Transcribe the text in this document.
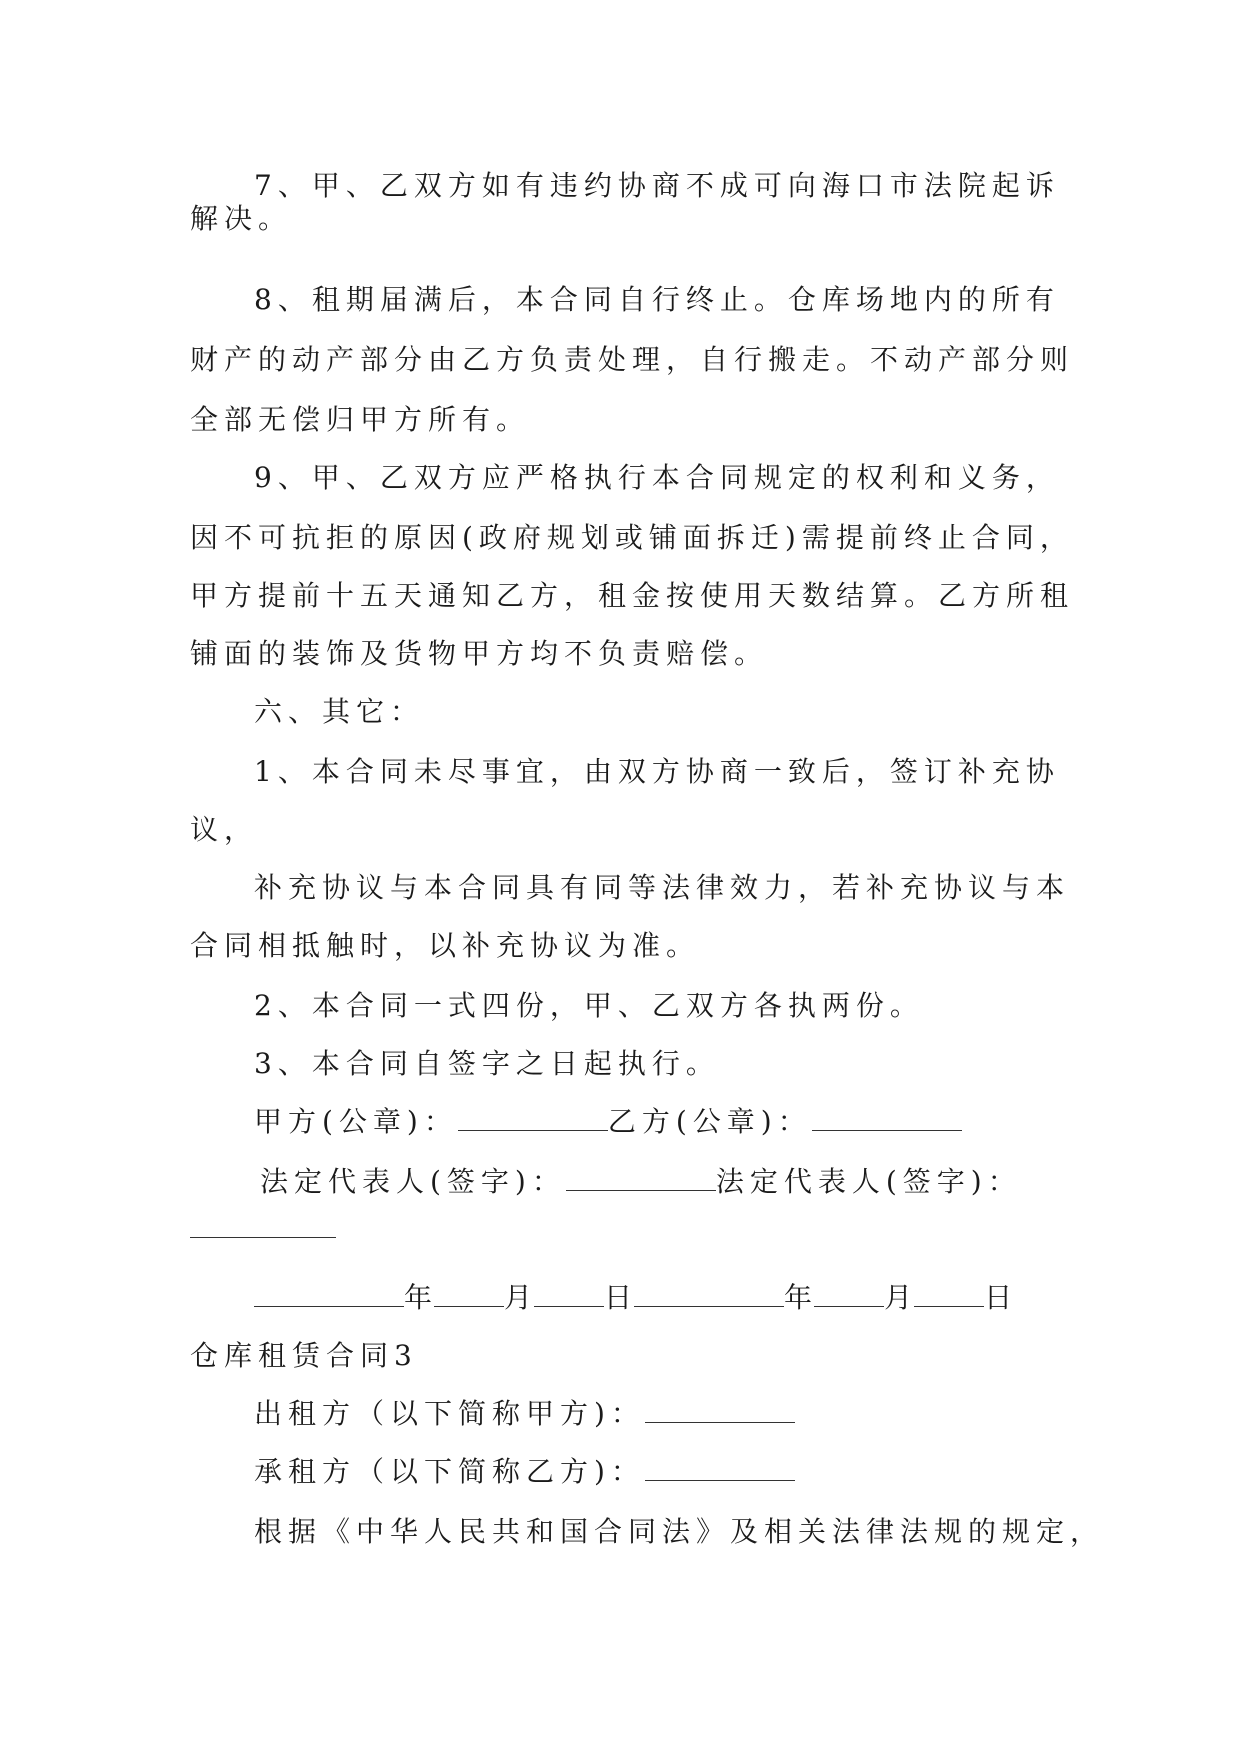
7、甲、乙双方如有违约协商不成可向海口市法院起诉
解决。
8、租期届满后，本合同自行终止。仓库场地内的所有
财产的动产部分由乙方负责处理，自行搬走。不动产部分则
全部无偿归甲方所有。
9、甲、乙双方应严格执行本合同规定的权利和义务，
因不可抗拒的原因(政府规划或铺面拆迁)需提前终止合同，
甲方提前十五天通知乙方，租金按使用天数结算。乙方所租
铺面的装饰及货物甲方均不负责赔偿。
六、其它：
1、本合同未尽事宜，由双方协商一致后，签订补充协
议，
补充协议与本合同具有同等法律效力，若补充协议与本
合同相抵触时，以补充协议为准。
2、本合同一式四份，甲、乙双方各执两份。
3、本合同自签字之日起执行。
甲方(公章)：	乙方(公章)：
法定代表人(签字)：	法定代表人(签字)：
年	月	日	年	月	日
仓库租赁合同3
出租方（以下简称甲方)：
承租方（以下简称乙方)：
根据《中华人民共和国合同法》及相关法律法规的规定，
